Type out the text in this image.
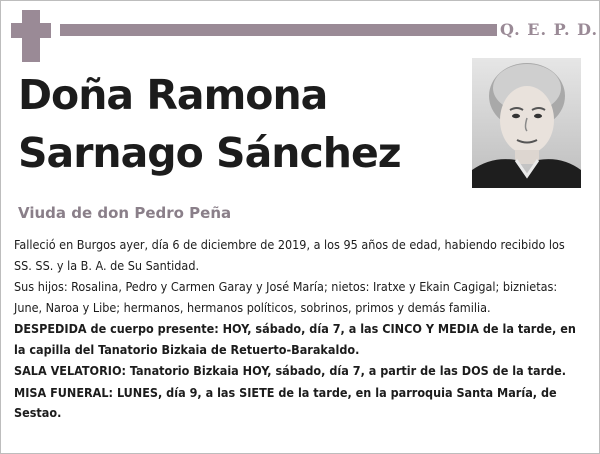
Q. E. P. D.
Doña Ramona
Sarnago Sánchez
Viuda de don Pedro Peña

Falleció en Burgos ayer, día 6 de diciembre de 2019, a los 95 años de edad, habiendo recibido los SS. SS. y la B. A. de Su Santidad.

Sus hijos: Rosalina, Pedro y Carmen Garay y José María; nietos: Iratxe y Ekain Cagigal; biznietas: June, Naroa y Libe; hermanos, hermanos políticos, sobrinos, primos y demás familia.

DESPEDIDA de cuerpo presente: HOY, sábado, día 7, a las CINCO Y MEDIA de la tarde, en la capilla del Tanatorio Bizkaia de Retuerto-Barakaldo.

SALA VELATORIO: Tanatorio Bizkaia HOY, sábado, día 7, a partir de las DOS de la tarde.

MISA FUNERAL: LUNES, día 9, a las SIETE de la tarde, en la parroquia Santa María, de Sestao.
